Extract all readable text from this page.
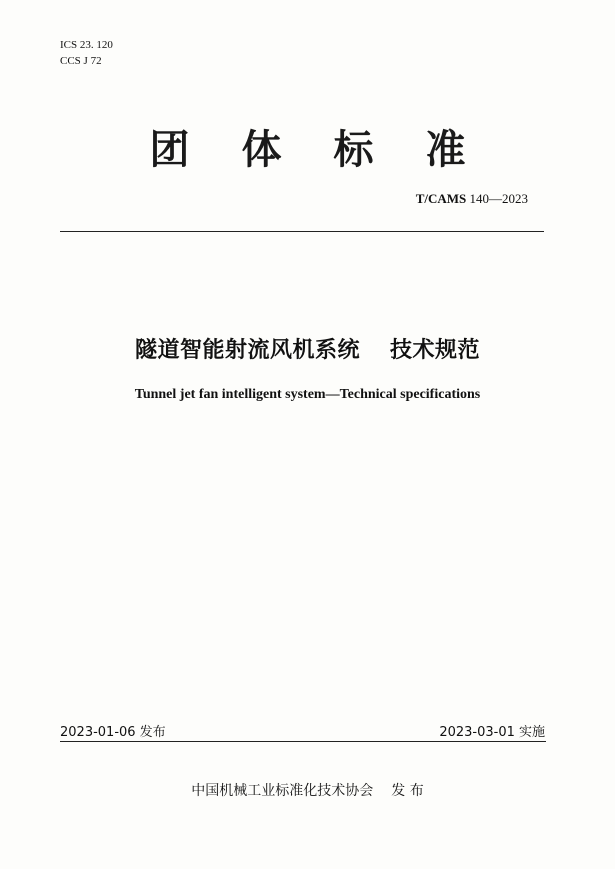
ICS 23. 120
CCS J 72
团 体 标 准
T/CAMS 140—2023
隧道智能射流风机系统 技术规范
Tunnel jet fan intelligent system—Technical specifications
2023-01-06 发布	2023-03-01 实施
中国机械工业标准化技术协会 发 布
